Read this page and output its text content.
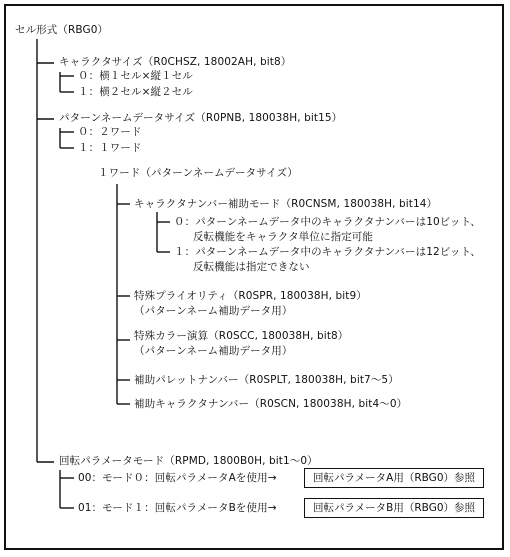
セル形式（RBG0）
キャラクタサイズ（R0CHSZ, 18002AH, bit8）
０：横１セル×縦１セル
１：横２セル×縦２セル
パターンネームデータサイズ（R0PNB, 180038H, bit15）
０：２ワード
１：１ワード
１ワード（パターンネームデータサイズ）
キャラクタナンバー補助モード（R0CNSM, 180038H, bit14）
０：パターンネームデータ中のキャラクタナンバーは10ビット、
反転機能をキャラクタ単位に指定可能
１：パターンネームデータ中のキャラクタナンバーは12ビット、
反転機能は指定できない
特殊プライオリティ（R0SPR, 180038H, bit9）
（パターンネーム補助データ用）
特殊カラー演算（R0SCC, 180038H, bit8）
（パターンネーム補助データ用）
補助パレットナンバー（R0SPLT, 180038H, bit7〜5）
補助キャラクタナンバー（R0SCN, 180038H, bit4〜0）
回転パラメータモード（RPMD, 1800B0H, bit1〜0）
00：モード０：回転パラメータAを使用→
01：モード１：回転パラメータBを使用→
回転パラメータA用（RBG0）参照
回転パラメータB用（RBG0）参照
